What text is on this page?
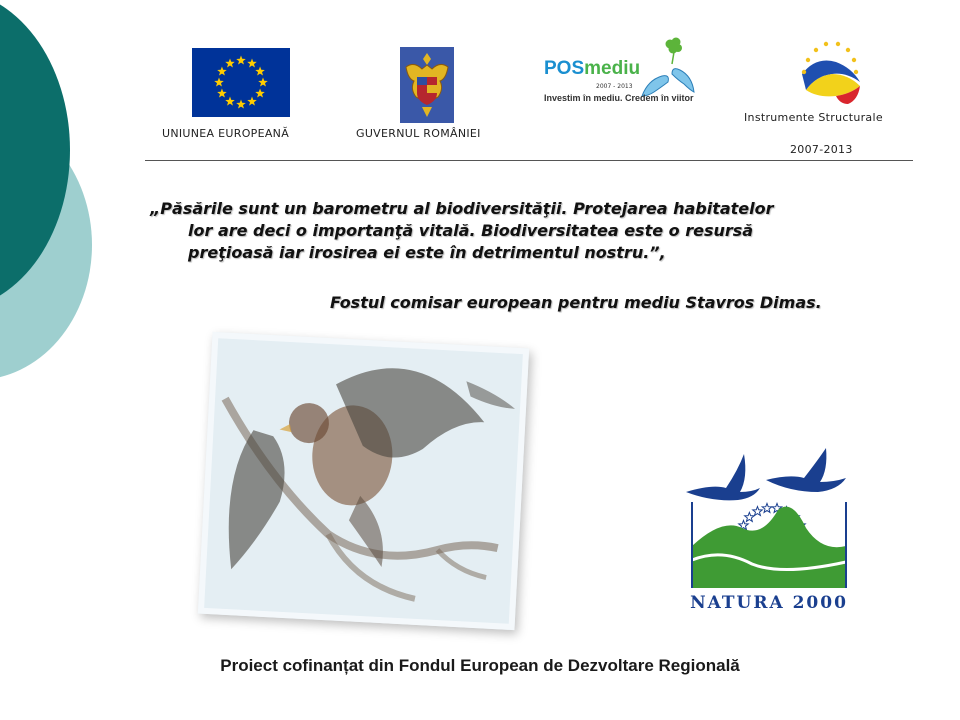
UNIUNEA EUROPEANĂ	GUVERNUL ROMÂNIEI
POSmediu
2007 - 2013
Investim în mediu. Credem în viitor
Instrumente Structurale
2007-2013
„Păsările sunt un barometru al biodiversităţii. Protejarea habitatelor
lor are deci o importanţă vitală. Biodiversitatea este o resursă
preţioasă iar irosirea ei este în detrimentul nostru.”,
Fostul comisar european pentru mediu Stavros Dimas.
NATURA 2000
Proiect cofinanțat din Fondul European de Dezvoltare Regională
